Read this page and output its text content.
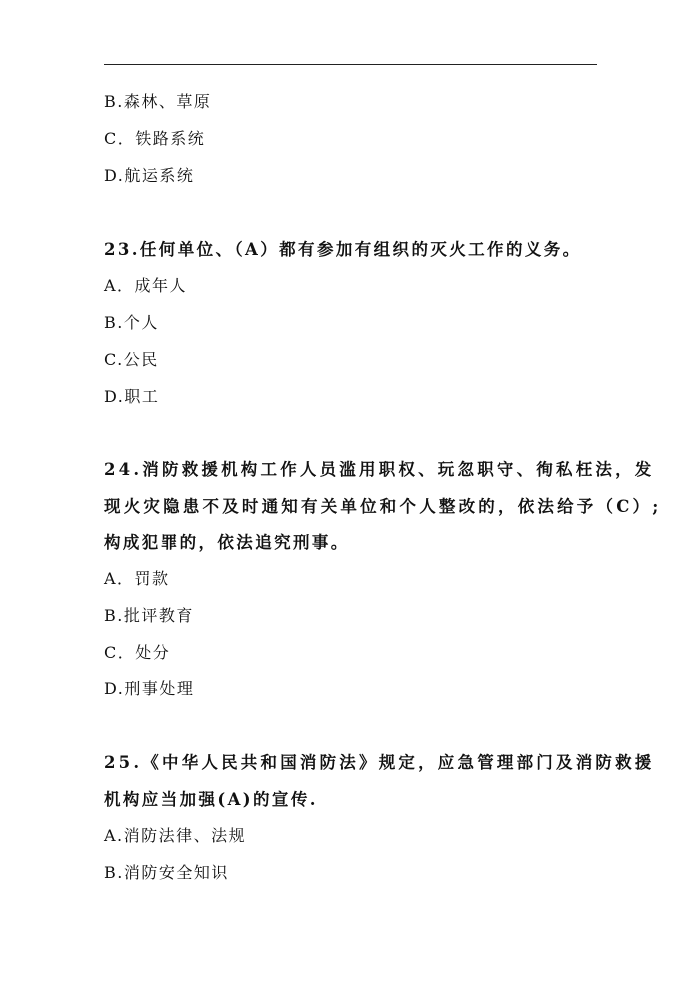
B.森林、草原
C．铁路系统
D.航运系统
23.任何单位、（A）都有参加有组织的灭火工作的义务。
A．成年人
B.个人
C.公民
D.职工
24.消防救援机构工作人员滥用职权、玩忽职守、徇私枉法，发
现火灾隐患不及时通知有关单位和个人整改的，依法给予（C）;
构成犯罪的，依法追究刑事。
A．罚款
B.批评教育
C．处分
D.刑事处理
25.《中华人民共和国消防法》规定，应急管理部门及消防救援
机构应当加强(A)的宣传.
A.消防法律、法规
B.消防安全知识
